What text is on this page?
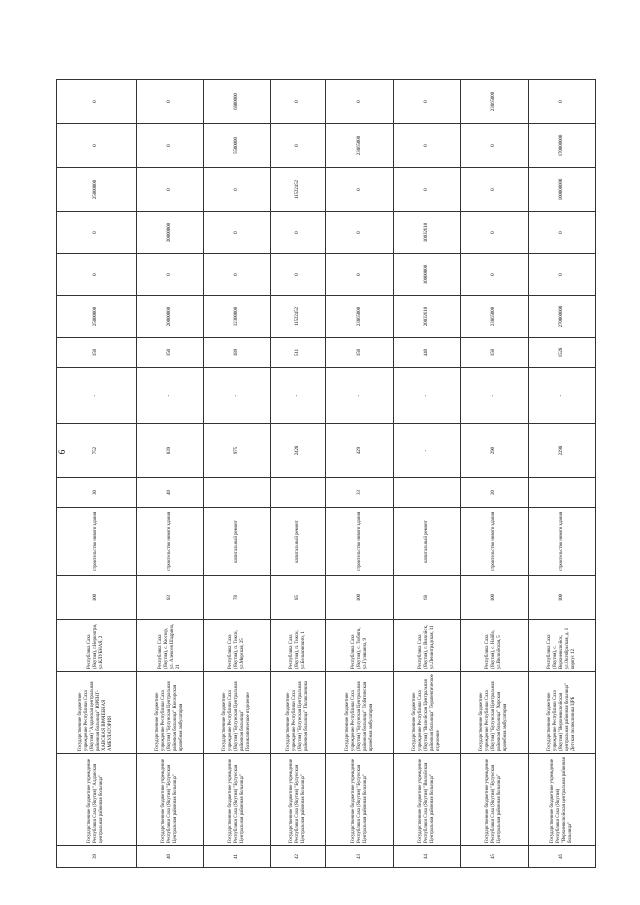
6
39	Государственное бюджетное учреждение Республики Саха (Якутия) "Алданская центральная районная больница"	Государственное бюджетное учреждение Республики Саха (Якутия) "Алданская центральная районная больница" ЮРЕНГ-ХАВСКАЯ ВРАЧЕБНАЯ АМБУЛАТОРИЯ	Республика Саха (Якутия), г.Нерюнгри, ул.КЛУБНАЯ, 2	100	строительство нового здания	30	752	-	150	25000000	0	0	25000000	0	0
40	Государственное бюджетное учреждение Республики Саха (Якутия) "Булунская Центральная районная больница"	Государственное бюджетное учреждение Республики Саха (Якутия) "Булунская Центральная районная больница" Кюсюрская врачебная амбулатория	Республика Саха (Якутия), с. Кюсюр, ул. Алексея Шадрина, 21	83	строительство нового здания	40	839	-	150	20000000	0	20000000	0	0	0
41	Государственное бюджетное учреждение Республики Саха (Якутия) "Булунская Центральная районная больница"	Государственное бюджетное учреждение Республики Саха (Якутия) "Булунская Центральная районная больница" Поликлиническое отделение	Республика Саха (Якутия), п. Тикси, ул.Морская, 25	78	капитальный ремонт		975	-	189	12300000	0	0	0	5500000	6800000
42	Государственное бюджетное учреждение Республики Саха (Якутия) "Булунская Центральная районная больница"	Государственное бюджетное учреждение Республики Саха (Якутия) "Булунская Центральная районная больница" Поликлиника	Республика Саха (Якутия), п. Тикси, ул.Бельковского, 1	85	капитальный ремонт		2428	-	511	11522452	0	0	11522452	0	0
43	Государственное бюджетное учреждение Республики Саха (Якутия) "Булунская Центральная районная больница"	Государственное бюджетное учреждение Республики Саха (Якутия) "Булунская Центральная районная больница" Тюбятинская врачебная амбулатория	Республика Саха (Якутия), с. Тюбяти, ул.Гуляшина, 9	100	строительство нового здания	33	429	-	150	23865000	0	0	0	23865000	0
44	Государственное бюджетное учреждение Республики Саха (Якутия) "Вилюйская Центральная районная больница"	Государственное бюджетное учреждение Республики Саха (Якутия) "Вилюйская Центральная районная больница" Терапевтическое отделение	Республика Саха (Якутия), г. Вилюйск, ул.Ленинградская, 11	68	капитальный ремонт		-	-	440	20032610	10000000	10032610	0	0	0
45	Государственное бюджетное учреждение Республики Саха (Якутия) "Булунская Центральная районная больница"	Государственное бюджетное учреждение Республики Саха (Якутия) "Булунская Центральная районная больница" Хорская врачебная амбулатория	Республика Саха (Якутия), с. Найба, ул.Вилюйская, 5	100	строительство нового здания	20	290	-	150	23865000	0	0	0	0	23865000
46	Государственное бюджетное учреждение Республики Саха (Якутия) "Верхневилюйская центральная районная больница"	Государственное бюджетное учреждение Республики Саха (Якутия) "Верхневилюйская центральная районная больница" Детская поликлиника ЦРБ	Республика Саха (Якутия), с. Верхневилюйск, ул.Октябрьская, д. 1 корпус 12	100	строительство нового здания		2298	-	1528	270000000	0	0	100000000	170000000	0
